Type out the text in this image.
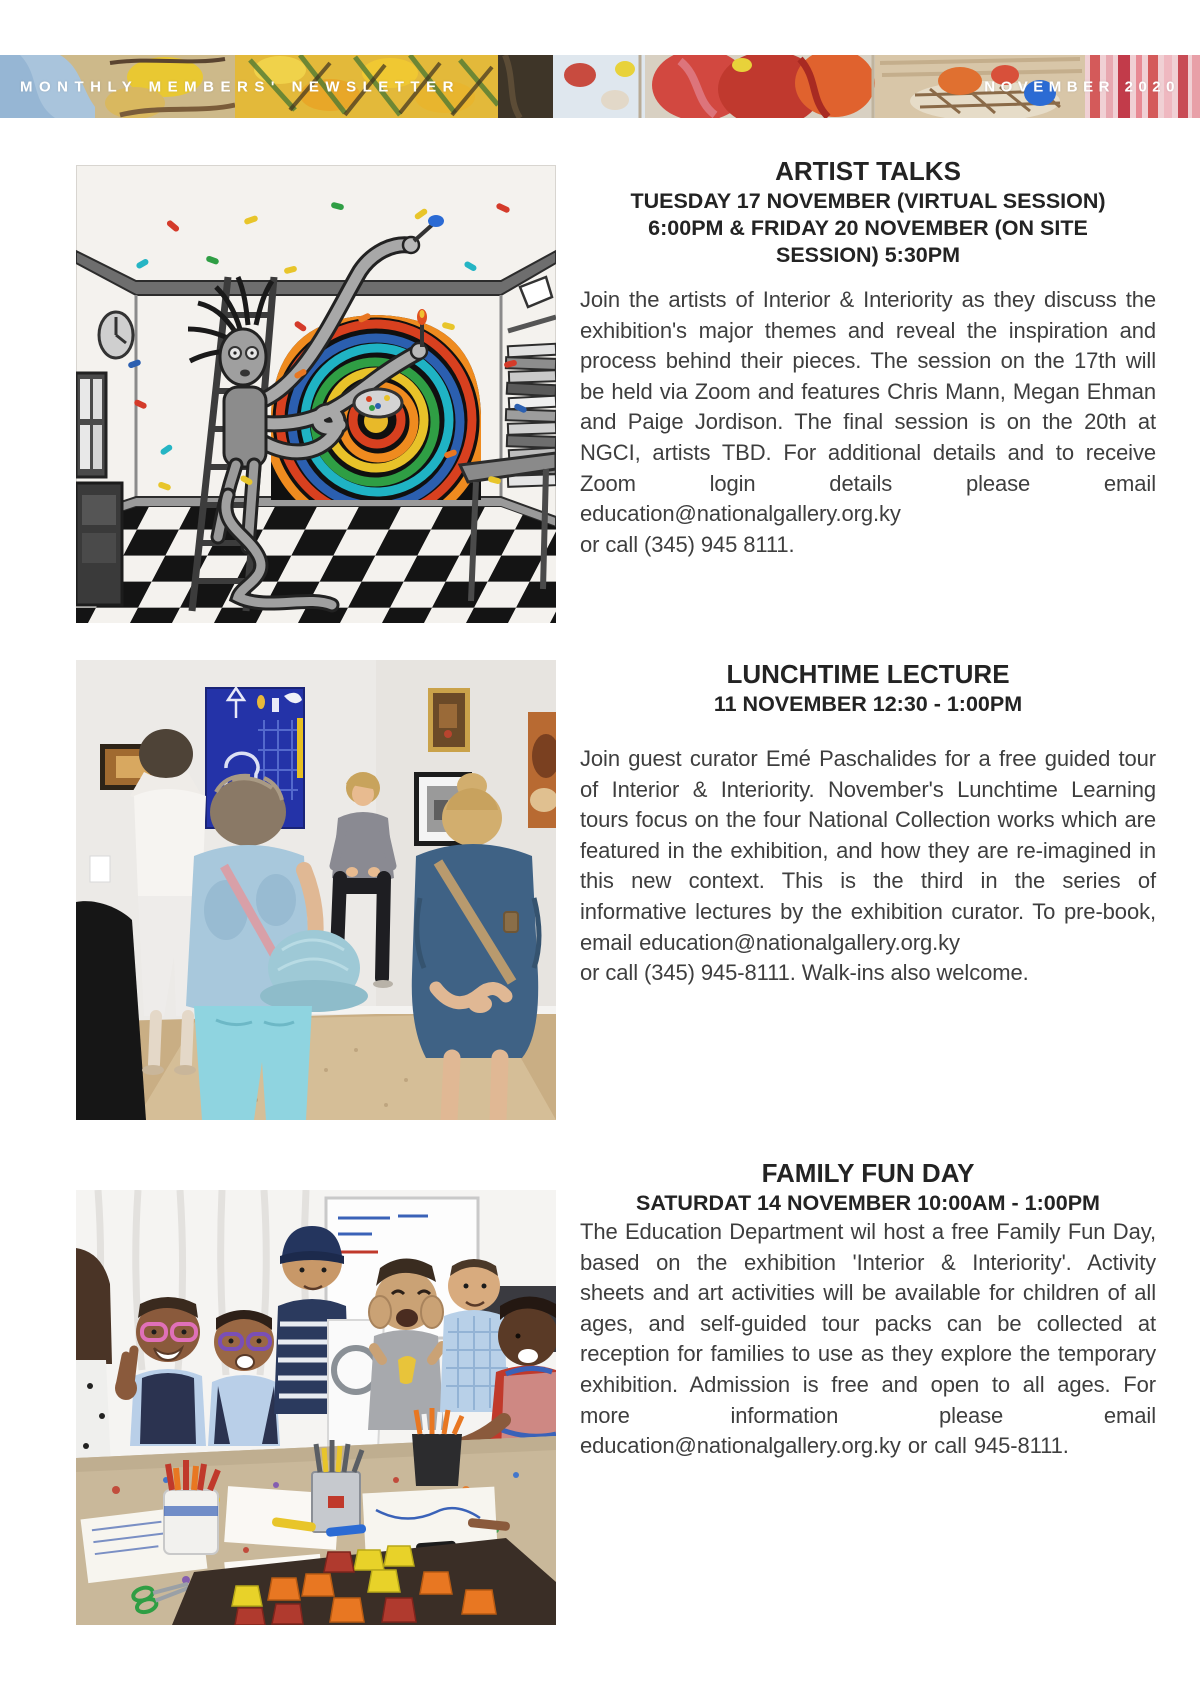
MONTHLY MEMBERS' NEWSLETTER	NOVEMBER 2020
ARTIST TALKS
TUESDAY 17 NOVEMBER (VIRTUAL SESSION) 6:00PM & FRIDAY 20 NOVEMBER (ON SITE SESSION) 5:30PM

Join the artists of Interior & Interiority as they discuss the exhibition's major themes and reveal the inspiration and process behind their pieces. The session on the 17th will be held via Zoom and features Chris Mann, Megan Ehman and Paige Jordison. The final session is on the 20th at NGCI, artists TBD. For additional details and to receive Zoom login details please email education@nationalgallery.org.ky

or call (345) 945 8111.

LUNCHTIME LECTURE
11 NOVEMBER 12:30 - 1:00PM

Join guest curator Emé Paschalides for a free guided tour of Interior & Interiority. November's Lunchtime Learning tours focus on the four National Collection works which are featured in the exhibition, and how they are re-imagined in this new context. This is the third in the series of informative lectures by the exhibition curator. To pre-book, email education@nationalgallery.org.ky

or call (345) 945-8111. Walk-ins also welcome.

FAMILY FUN DAY
SATURDAT 14 NOVEMBER 10:00AM - 1:00PM

The Education Department wil host a free Family Fun Day, based on the exhibition 'Interior & Interiority'. Activity sheets and art activities will be available for children of all ages, and self-guided tour packs can be collected at reception for families to use as they explore the temporary exhibition. Admission is free and open to all ages. For more information please email education@nationalgallery.org.ky or call 945-8111.
